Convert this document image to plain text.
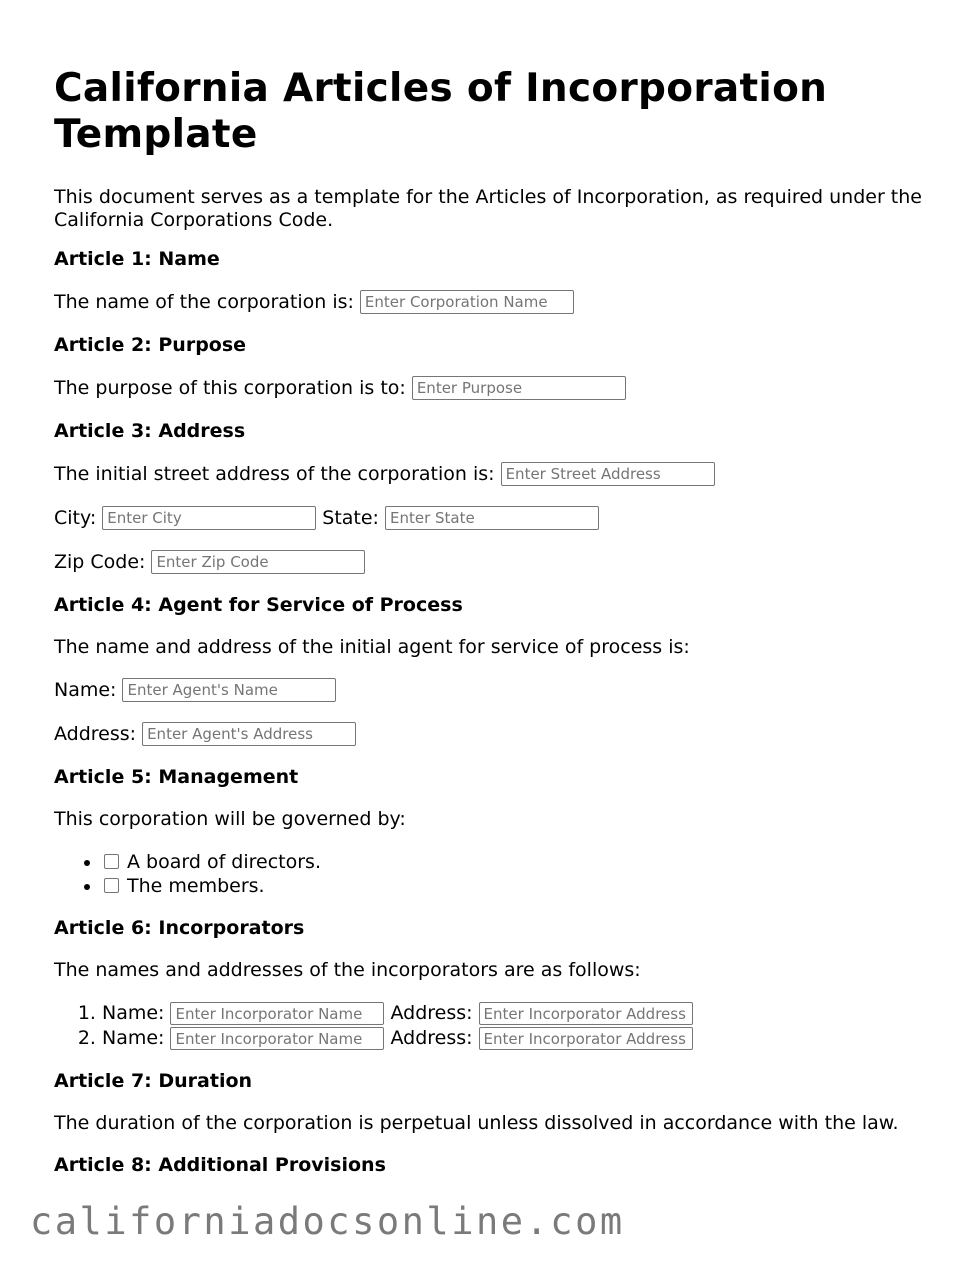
California Articles of Incorporation Template

This document serves as a template for the Articles of Incorporation, as required under the California Corporations Code.

Article 1: Name
The name of the corporation is:
Enter Corporation Name
Article 2: Purpose
The purpose of this corporation is to:
Enter Purpose
Article 3: Address
The initial street address of the corporation is:
Enter Street Address
City:
Enter City	State:
Enter State
Zip Code:
Enter Zip Code
Article 4: Agent for Service of Process

The name and address of the initial agent for service of process is:

Name:
Enter Agent's Name
Address:
Enter Agent's Address
Article 5: Management

This corporation will be governed by:

• A board of directors.
• The members.
Article 6: Incorporators

The names and addresses of the incorporators are as follows:

1. Name:Enter Incorporator Name	Address:Enter Incorporator Address
2. Name:Enter Incorporator Name	Address:Enter Incorporator Address
Article 7: Duration

The duration of the corporation is perpetual unless dissolved in accordance with the law.

Article 8: Additional Provisions
californiadocsonline.com
